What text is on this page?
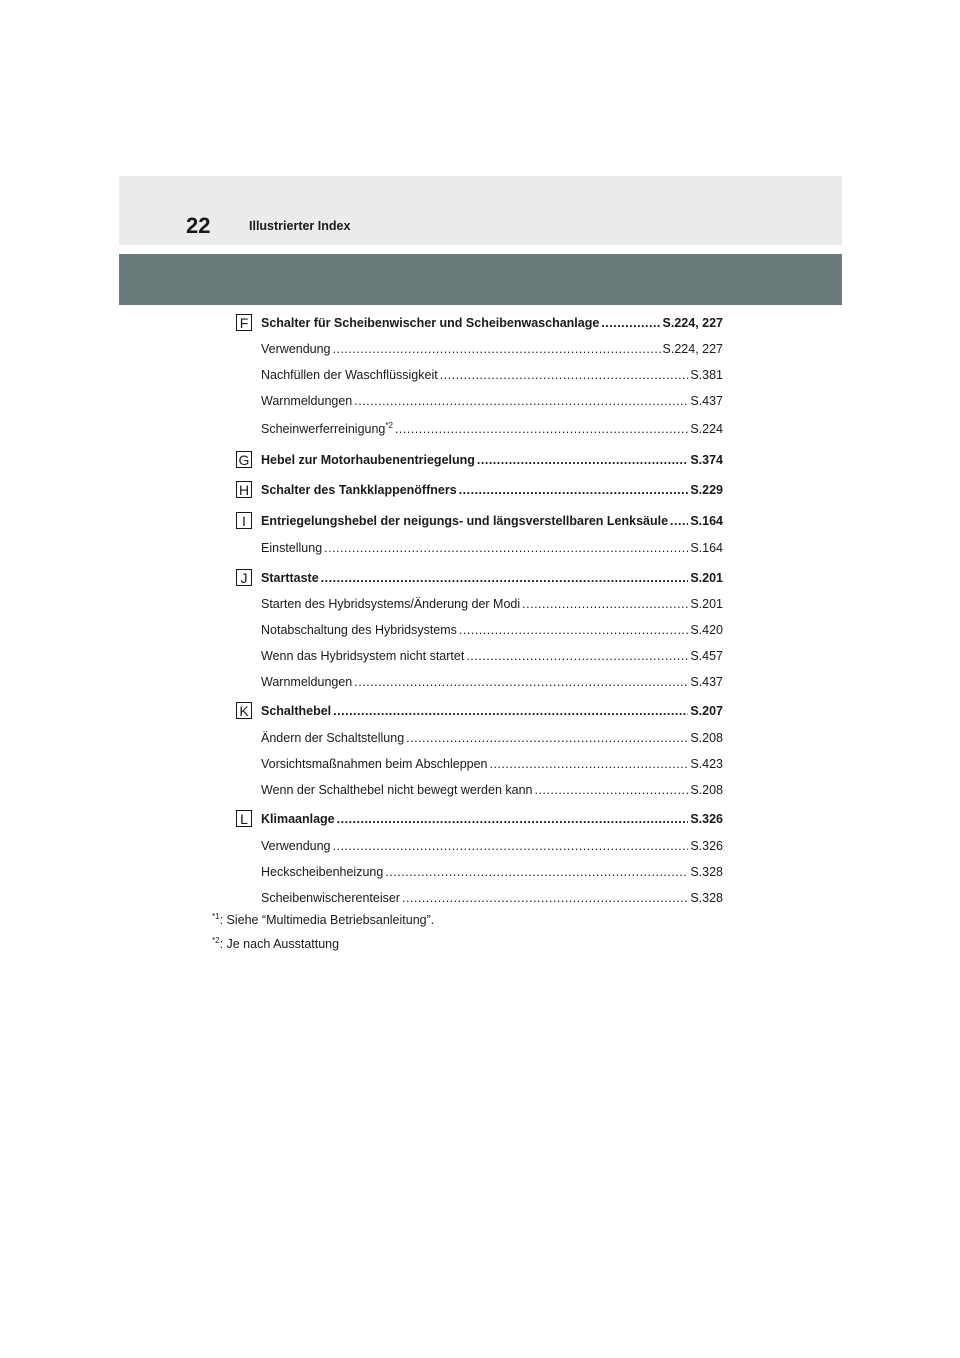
22	Illustrierter Index
F Schalter für Scheibenwischer und Scheibenwaschanlage .....	S.224, 227
Verwendung .....	S.224, 227
Nachfüllen der Waschflüssigkeit .....	S.381
Warnmeldungen .....	S.437
Scheinwerferreinigung$^{*2}$ .....	S.224
G Hebel zur Motorhaubenentriegelung .....	S.374
H Schalter des Tankklappenöffners .....	S.229
I	Entriegelungshebel der neigungs- und längsverstellbaren Lenksäule ..... S.164
Einstellung .....	S.164
J	Starttaste .....	S.201
Starten des Hybridsystems/Änderung der Modi .....	S.201
Notabschaltung des Hybridsystems .....	S.420
Wenn das Hybridsystem nicht startet .....	S.457
Warnmeldungen .....	S.437
K Schalthebel .....	S.207
Ändern der Schaltstellung .....	S.208
Vorsichtsmaßnahmen beim Abschleppen .....	S.423
Wenn der Schalthebel nicht bewegt werden kann .....	S.208
L	Klimaanlage .....	S.326
Verwendung .....	S.326
Heckscheibenheizung .....	S.328
Scheibenwischerenteiser .....	S.328
$^{*1}$: Siehe “Multimedia Betriebsanleitung”.
$^{*2}$: Je nach Ausstattung
